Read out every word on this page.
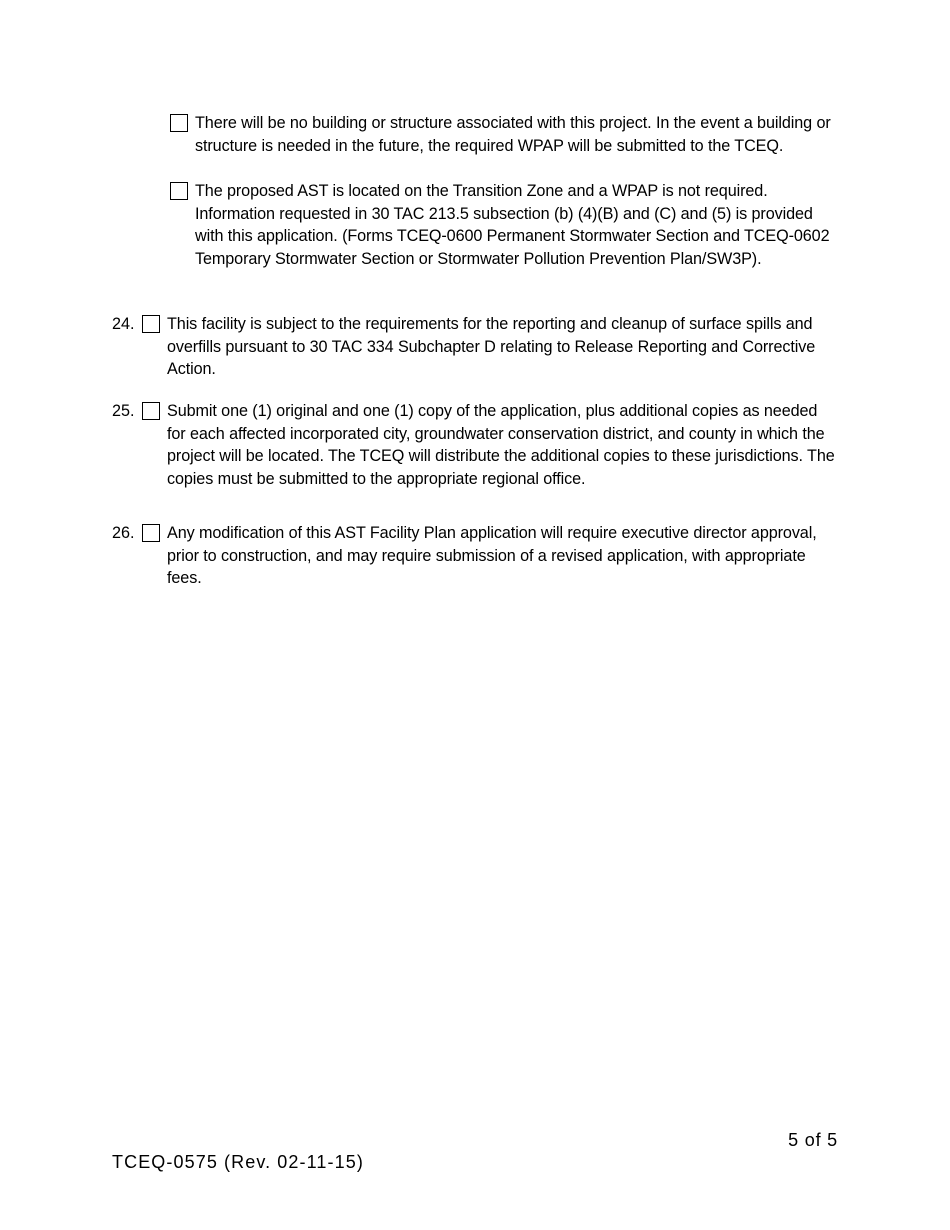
There will be no building or structure associated with this project. In the event a building or structure is needed in the future, the required WPAP will be submitted to the TCEQ.
The proposed AST is located on the Transition Zone and a WPAP is not required. Information requested in 30 TAC 213.5 subsection (b) (4)(B) and (C) and (5) is provided with this application. (Forms TCEQ-0600 Permanent Stormwater Section and TCEQ-0602 Temporary Stormwater Section or Stormwater Pollution Prevention Plan/SW3P).
24. This facility is subject to the requirements for the reporting and cleanup of surface spills and overfills pursuant to 30 TAC 334 Subchapter D relating to Release Reporting and Corrective Action.
25. Submit one (1) original and one (1) copy of the application, plus additional copies as needed for each affected incorporated city, groundwater conservation district, and county in which the project will be located. The TCEQ will distribute the additional copies to these jurisdictions. The copies must be submitted to the appropriate regional office.
26. Any modification of this AST Facility Plan application will require executive director approval, prior to construction, and may require submission of a revised application, with appropriate fees.
5 of 5
TCEQ-0575 (Rev. 02-11-15)
